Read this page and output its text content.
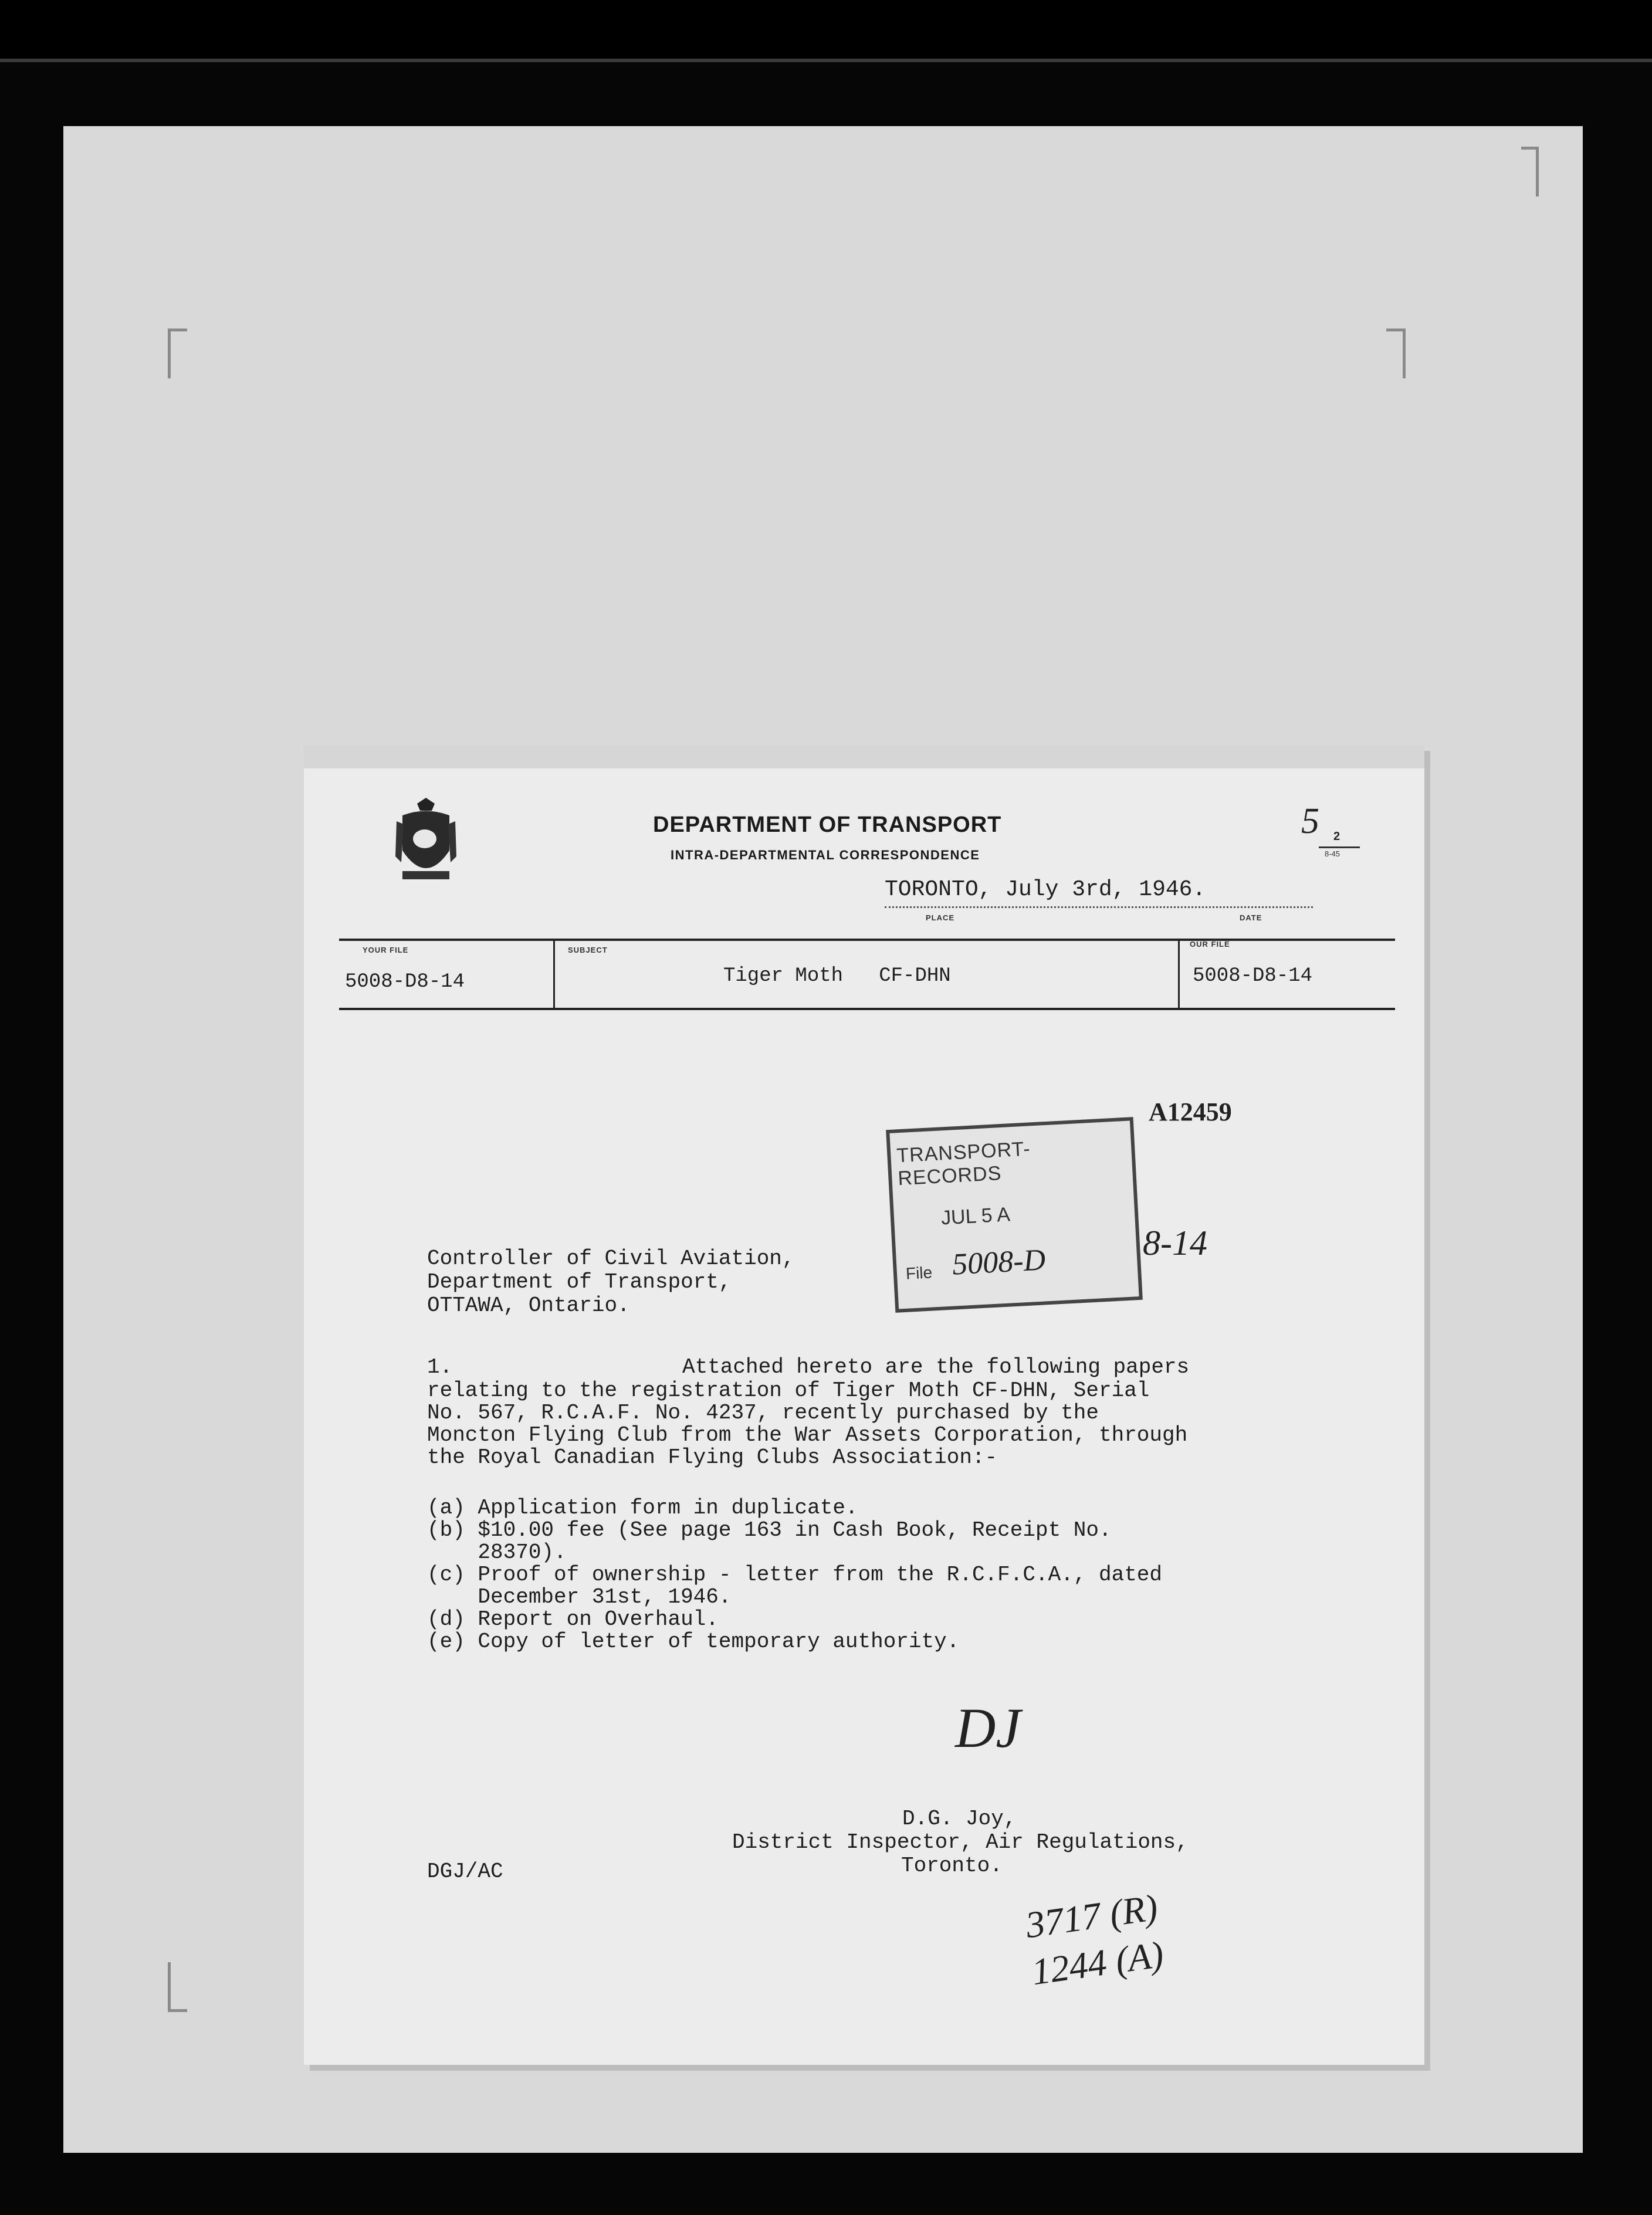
DEPARTMENT OF TRANSPORT
INTRA-DEPARTMENTAL CORRESPONDENCE
5 2
8-45
TORONTO, July 3rd, 1946.
PLACE	DATE
YOUR FILE
5008-D8-14
SUBJECT
Tiger Moth   CF-DHN
OUR FILE
5008-D8-14
A12459
TRANSPORT-RECORDS
JUL 5 A
File 5008-D	8-14
Controller of Civil Aviation,
Department of Transport,
OTTAWA, Ontario.
1.	Attached hereto are the following papers
relating to the registration of Tiger Moth CF-DHN, Serial
No. 567, R.C.A.F. No. 4237, recently purchased by the
Moncton Flying Club from the War Assets Corporation, through
the Royal Canadian Flying Clubs Association:-
(a) Application form in duplicate.
(b) $10.00 fee (See page 163 in Cash Book, Receipt No.
28370).
(c) Proof of ownership - letter from the R.C.F.C.A., dated
December 31st, 1946.
(d) Report on Overhaul.
(e) Copy of letter of temporary authority.
DJ
D.G. Joy,
District Inspector, Air Regulations,
Toronto.
DGJ/AC
3717 (R)
1244 (A)
